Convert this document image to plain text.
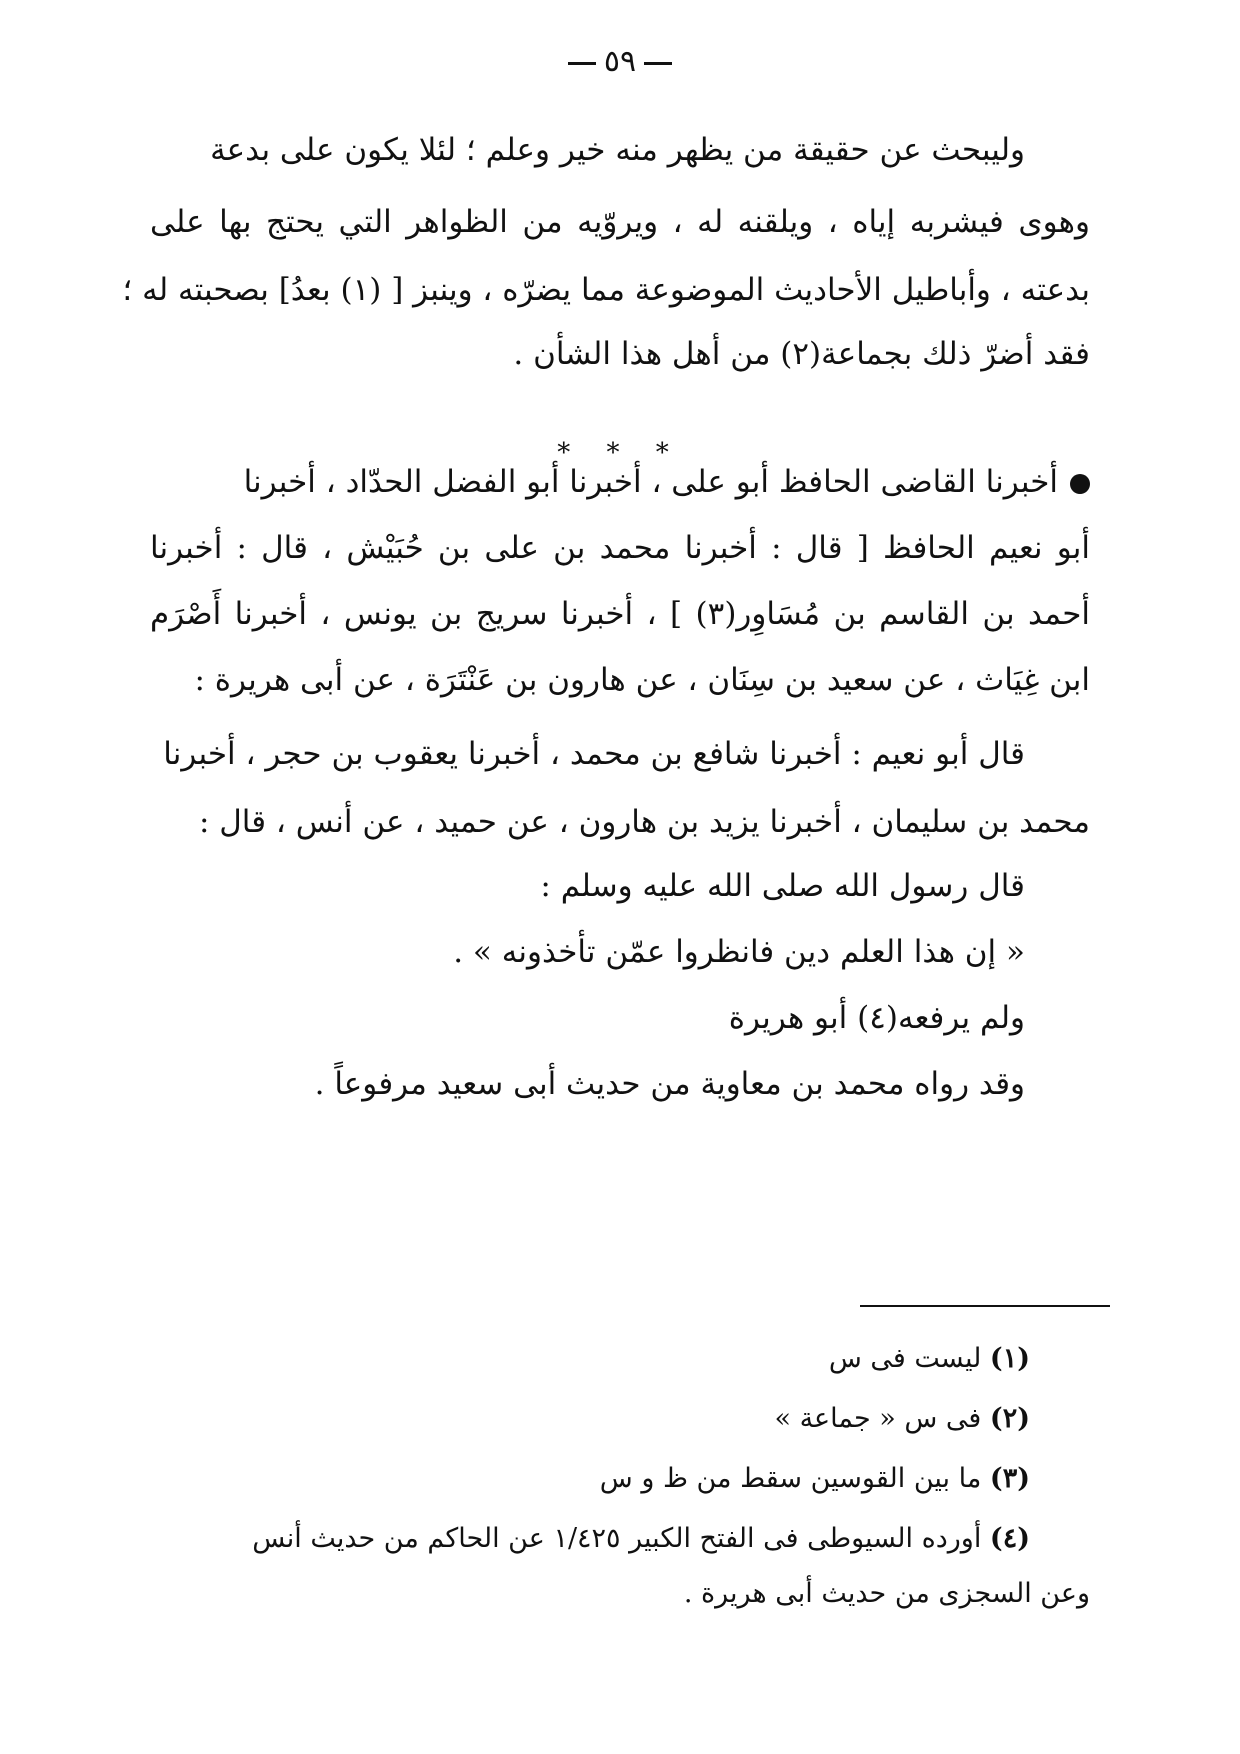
٥٩
وليبحث عن حقيقة من يظهر منه خير وعلم ؛ لئلا يكون على بدعة
وهوى فيشربه إياه ، ويلقنه له ، ويروّيه من الظواهر التي يحتج بها على
بدعته ، وأباطيل الأحاديث الموضوعة مما يضرّه ، وينبز [ (١) بعدُ] بصحبته له ؛
فقد أضرّ ذلك بجماعة(٢) من أهل هذا الشأن .
* * *
أخبرنا القاضى الحافظ أبو على ، أخبرنا أبو الفضل الحدّاد ، أخبرنا
أبو نعيم الحافظ [ قال : أخبرنا محمد بن على بن حُبَيْش ، قال : أخبرنا
أحمد بن القاسم بن مُسَاوِر(٣) ] ، أخبرنا سريج بن يونس ، أخبرنا أَصْرَم
ابن غِيَاث ، عن سعيد بن سِنَان ، عن هارون بن عَنْتَرَة ، عن أبى هريرة :
قال أبو نعيم : أخبرنا شافع بن محمد ، أخبرنا يعقوب بن حجر ، أخبرنا
محمد بن سليمان ، أخبرنا يزيد بن هارون ، عن حميد ، عن أنس ، قال :
قال رسول الله صلى الله عليه وسلم :
« إن هذا العلم دين فانظروا عمّن تأخذونه » .
ولم يرفعه(٤) أبو هريرة
وقد رواه محمد بن معاوية من حديث أبى سعيد مرفوعاً .
(١) ليست فى س
(٢) فى س « جماعة »
(٣) ما بين القوسين سقط من ظ و س
(٤) أورده السيوطى فى الفتح الكبير ١/٤٢٥ عن الحاكم من حديث أنس
وعن السجزى من حديث أبى هريرة .
